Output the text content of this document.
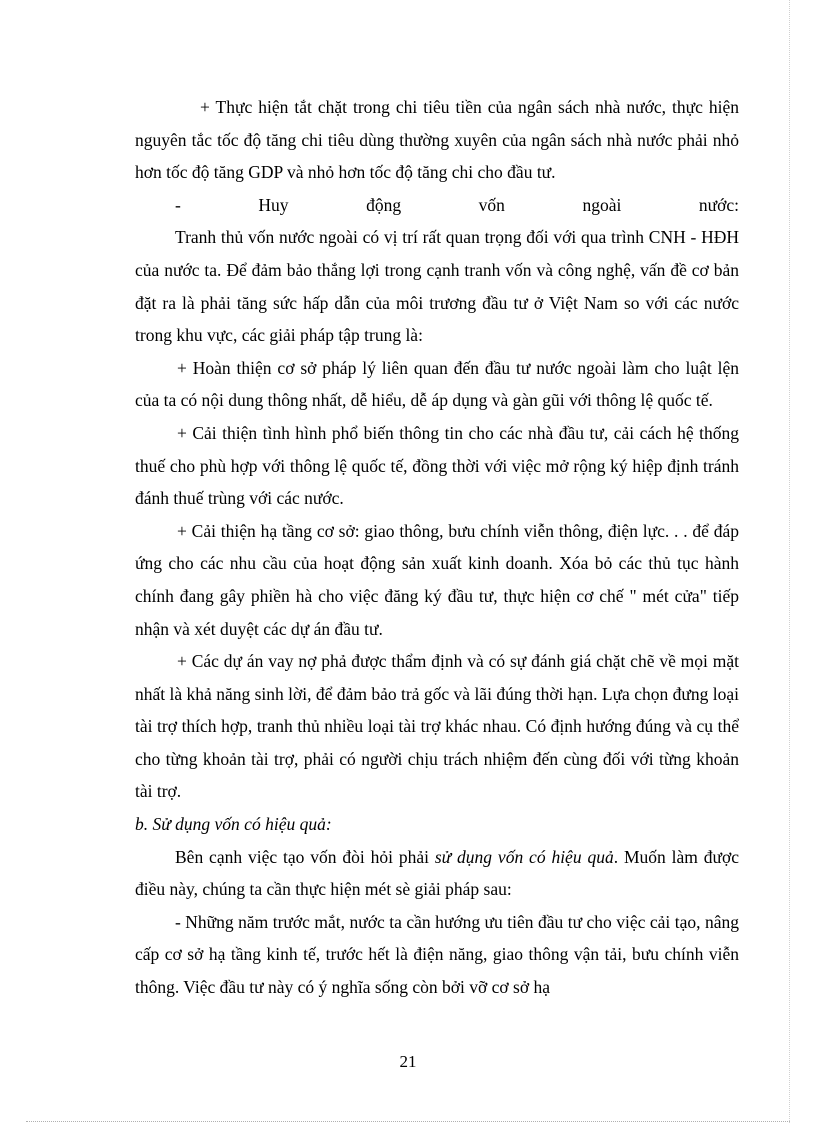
+ Thực hiện tắt chặt trong chi tiêu tiền của ngân sách nhà nước, thực hiện nguyên tắc tốc độ tăng chi tiêu dùng thường xuyên của ngân sách nhà nước phải nhỏ hơn tốc độ tăng GDP và nhỏ hơn tốc độ tăng chi cho đầu tư.

- Huy động vốn ngoài nước:

Tranh thủ vốn nước ngoài có vị trí rất quan trọng đối với qua trình CNH - HĐH của nước ta. Để đảm bảo thắng lợi trong cạnh tranh vốn và công nghệ, vấn đề cơ bản đặt ra là phải tăng sức hấp dẫn của môi trương đầu tư ở Việt Nam so với các nước trong khu vực, các giải pháp tập trung là:

+ Hoàn thiện cơ sở pháp lý liên quan đến đầu tư nước ngoài làm cho luật lện của ta có nội dung thông nhất, dễ hiểu, dễ áp dụng và gàn gũi với thông lệ quốc tế.

+ Cải thiện tình hình phổ biến thông tin cho các nhà đầu tư, cải cách hệ thống thuế cho phù hợp với thông lệ quốc tế, đồng thời với việc mở rộng ký hiệp định tránh đánh thuế trùng với các nước.

+ Cải thiện hạ tầng cơ sở: giao thông, bưu chính viễn thông, điện lực. . . để đáp ứng cho các nhu cầu của hoạt động sản xuất kinh doanh. Xóa bỏ các thủ tục hành chính đang gây phiền hà cho việc đăng ký đầu tư, thực hiện cơ chế " mét cửa" tiếp nhận và xét duyệt các dự án đầu tư.

+ Các dự án vay nợ phả được thẩm định và có sự đánh giá chặt chẽ về mọi mặt nhất là khả năng sinh lời, để đảm bảo trả gốc và lãi đúng thời hạn. Lựa chọn đưng loại tài trợ thích hợp, tranh thủ nhiều loại tài trợ khác nhau. Có định hướng đúng và cụ thể cho từng khoản tài trợ, phải có người chịu trách nhiệm đến cùng đối với từng khoản tài trợ.

b. Sử dụng vốn có hiệu quả:

Bên cạnh việc tạo vốn đòi hỏi phải sử dụng vốn có hiệu quả. Muốn làm được điều này, chúng ta cần thực hiện mét sè giải pháp sau:

- Những năm trước mắt, nước ta cần hướng ưu tiên đầu tư cho việc cải tạo, nâng cấp cơ sở hạ tầng kinh tế, trước hết là điện năng, giao thông vận tải, bưu chính viễn thông. Việc đầu tư này có ý nghĩa sống còn bởi vỡ cơ sở hạ

21
